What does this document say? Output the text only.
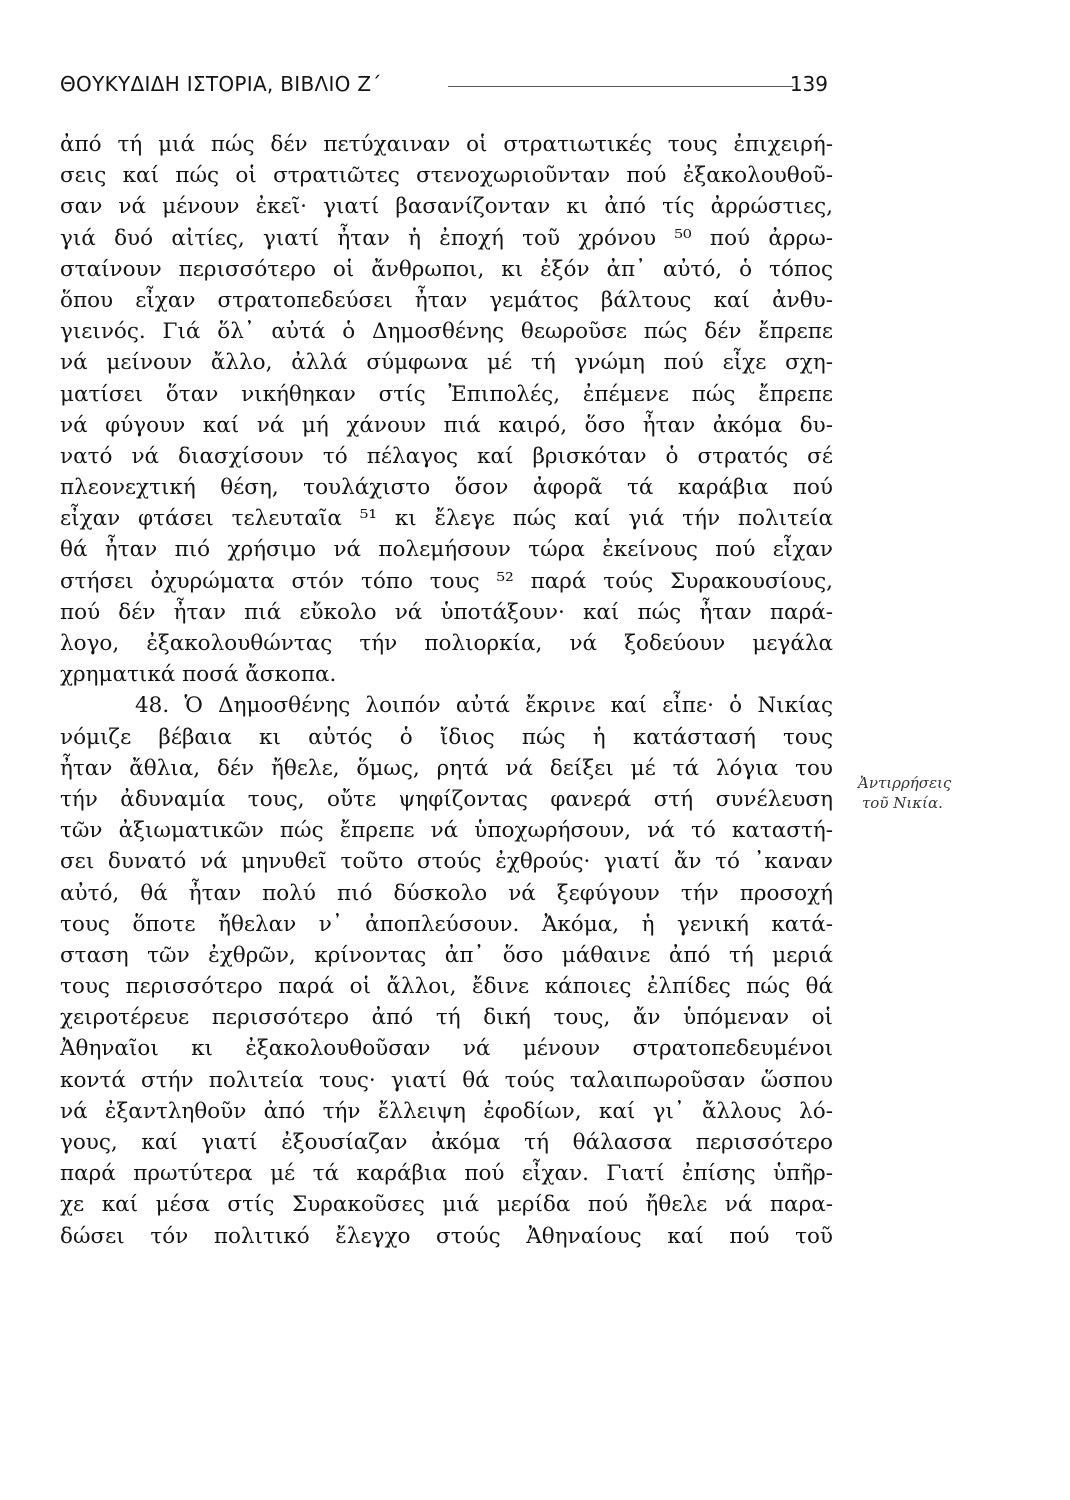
ΘΟΥΚΥΔΙΔΗ ΙΣΤΟΡΙΑ, ΒΙΒΛΙΟ Ζ΄	139
ἀπό τή μιά πώς δέν πετύχαιναν οἱ στρατιωτικές τους ἐπιχειρή-
σεις καί πώς οἱ στρατιῶτες στενοχωριοῦνταν πού ἐξακολουθοῦ-
σαν νά μένουν ἐκεῖ· γιατί βασανίζονταν κι ἀπό τίς ἀρρώστιες,
γιά δυό αἰτίες, γιατί ἦταν ἡ ἐποχή τοῦ χρόνου ⁵⁰ πού ἀρρω-
σταίνουν περισσότερο οἱ ἄνθρωποι, κι ἐξόν ἀπ᾽ αὐτό, ὁ τόπος
ὅπου εἶχαν στρατοπεδεύσει ἦταν γεμάτος βάλτους καί ἀνθυ-
γιεινός. Γιά ὅλ᾽ αὐτά ὁ Δημοσθένης θεωροῦσε πώς δέν ἔπρεπε
νά μείνουν ἄλλο, ἀλλά σύμφωνα μέ τή γνώμη πού εἶχε σχη-
ματίσει ὅταν νικήθηκαν στίς Ἐπιπολές, ἐπέμενε πώς ἔπρεπε
νά φύγουν καί νά μή χάνουν πιά καιρό, ὅσο ἦταν ἀκόμα δυ-
νατό νά διασχίσουν τό πέλαγος καί βρισκόταν ὁ στρατός σέ
πλεονεχτική θέση, τουλάχιστο ὅσον ἀφορᾶ τά καράβια πού
εἶχαν φτάσει τελευταῖα ⁵¹ κι ἔλεγε πώς καί γιά τήν πολιτεία
θά ἦταν πιό χρήσιμο νά πολεμήσουν τώρα ἐκείνους πού εἶχαν
στήσει ὀχυρώματα στόν τόπο τους ⁵² παρά τούς Συρακουσίους,
πού δέν ἦταν πιά εὔκολο νά ὑποτάξουν· καί πώς ἦταν παρά-
λογο, ἐξακολουθώντας τήν πολιορκία, νά ξοδεύουν μεγάλα
χρηματικά ποσά ἄσκοπα.
48. Ὁ Δημοσθένης λοιπόν αὐτά ἔκρινε καί εἶπε· ὁ Νικίας
νόμιζε βέβαια κι αὐτός ὁ ἴδιος πώς ἡ κατάστασή τους
ἦταν ἄθλια, δέν ἤθελε, ὅμως, ρητά νά δείξει μέ τά λόγια του
τήν ἀδυναμία τους, οὔτε ψηφίζοντας φανερά στή συνέλευση
τῶν ἀξιωματικῶν πώς ἔπρεπε νά ὑποχωρήσουν, νά τό καταστή-
σει δυνατό νά μηνυθεῖ τοῦτο στούς ἐχθρούς· γιατί ἄν τό ᾽καναν
αὐτό, θά ἦταν πολύ πιό δύσκολο νά ξεφύγουν τήν προσοχή
τους ὅποτε ἤθελαν ν᾽ ἀποπλεύσουν. Ἀκόμα, ἡ γενική κατά-
σταση τῶν ἐχθρῶν, κρίνοντας ἀπ᾽ ὅσο μάθαινε ἀπό τή μεριά
τους περισσότερο παρά οἱ ἄλλοι, ἔδινε κάποιες ἐλπίδες πώς θά
χειροτέρευε περισσότερο ἀπό τή δική τους, ἄν ὑπόμεναν οἱ
Ἀθηναῖοι κι ἐξακολουθοῦσαν νά μένουν στρατοπεδευμένοι
κοντά στήν πολιτεία τους· γιατί θά τούς ταλαιπωροῦσαν ὥσπου
νά ἐξαντληθοῦν ἀπό τήν ἔλλειψη ἐφοδίων, καί γι᾽ ἄλλους λό-
γους, καί γιατί ἐξουσίαζαν ἀκόμα τή θάλασσα περισσότερο
παρά πρωτύτερα μέ τά καράβια πού εἶχαν. Γιατί ἐπίσης ὑπῆρ-
χε καί μέσα στίς Συρακοῦσες μιά μερίδα πού ἤθελε νά παρα-
δώσει τόν πολιτικό ἔλεγχο στούς Ἀθηναίους καί πού τοῦ
Ἀντιρρήσεις
τοῦ Νικία.
